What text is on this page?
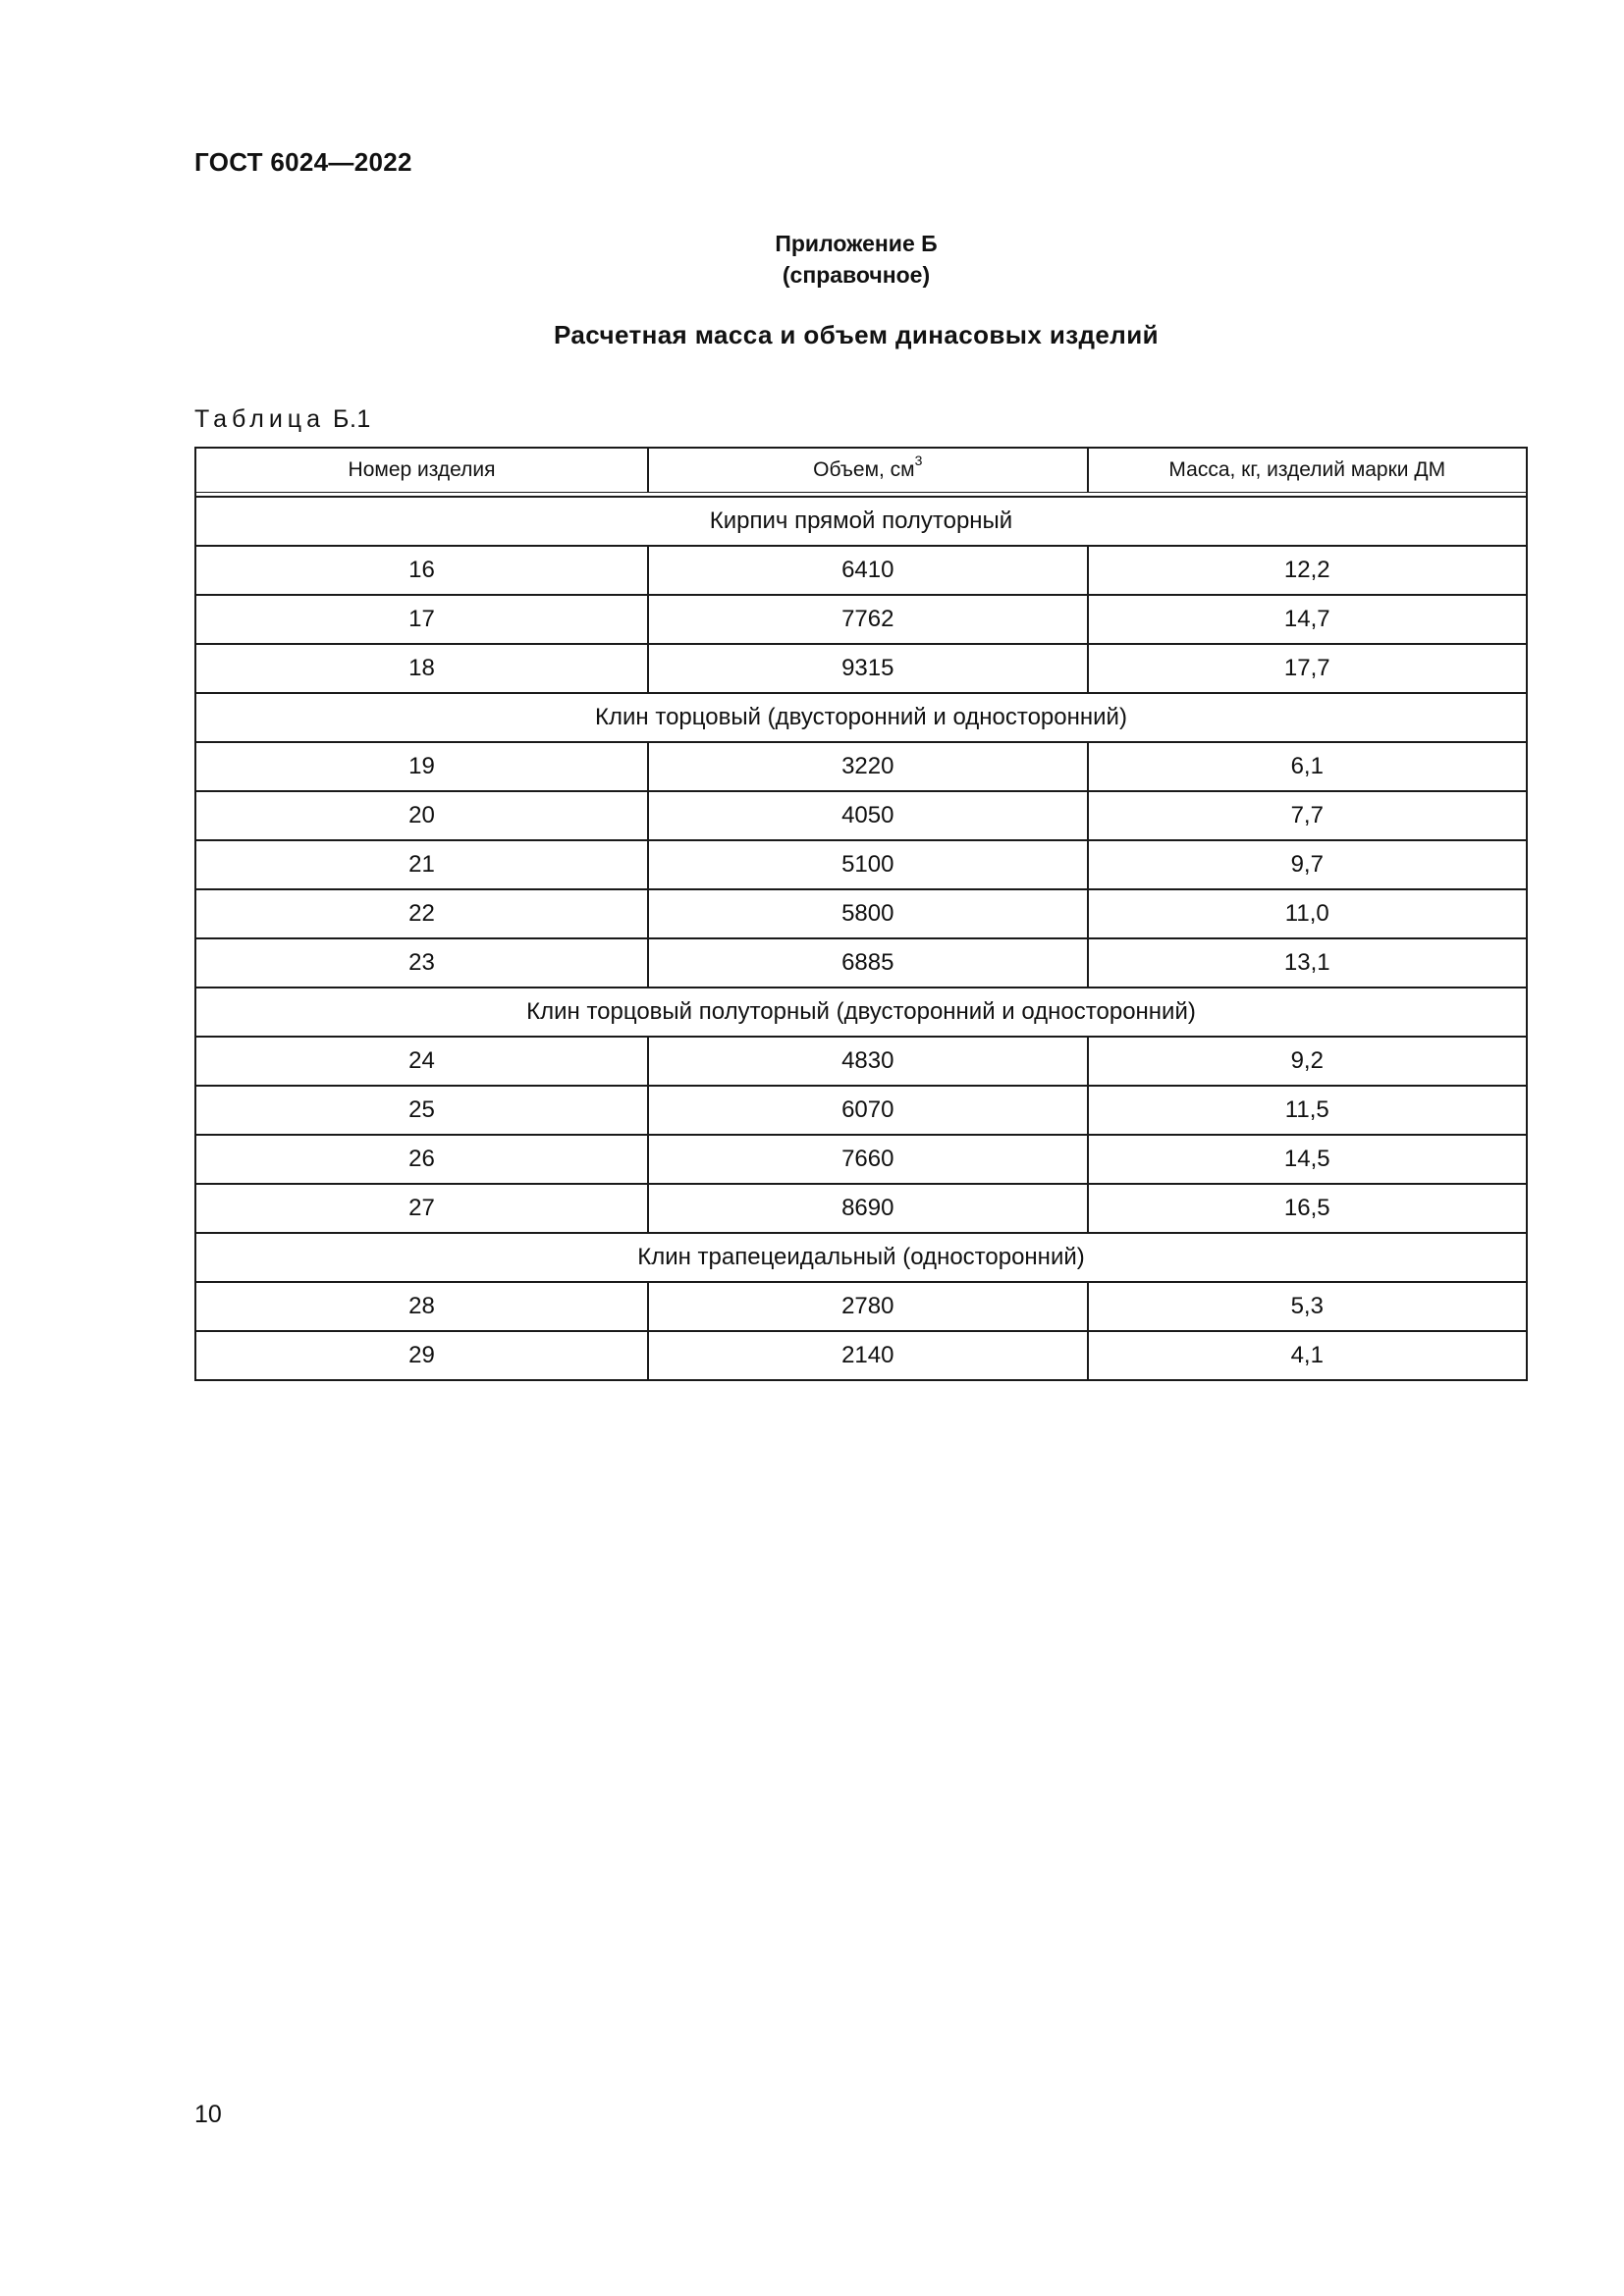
ГОСТ 6024—2022
Приложение Б
(справочное)
Расчетная масса и объем динасовых изделий
Таблица Б.1
Номер изделия	Объем, $см^3$	Масса, кг, изделий марки ДМ

Кирпич прямой полуторный		
16	6410	12,2
17	7762	14,7
18	9315	17,7
Клин торцовый (двусторонний и односторонний)		
19	3220	6,1
20	4050	7,7
21	5100	9,7
22	5800	11,0
23	6885	13,1
Клин торцовый полуторный (двусторонний и односторонний)		
24	4830	9,2
25	6070	11,5
26	7660	14,5
27	8690	16,5
Клин трапецеидальный (односторонний)		
28	2780	5,3
29	2140	4,1
10
